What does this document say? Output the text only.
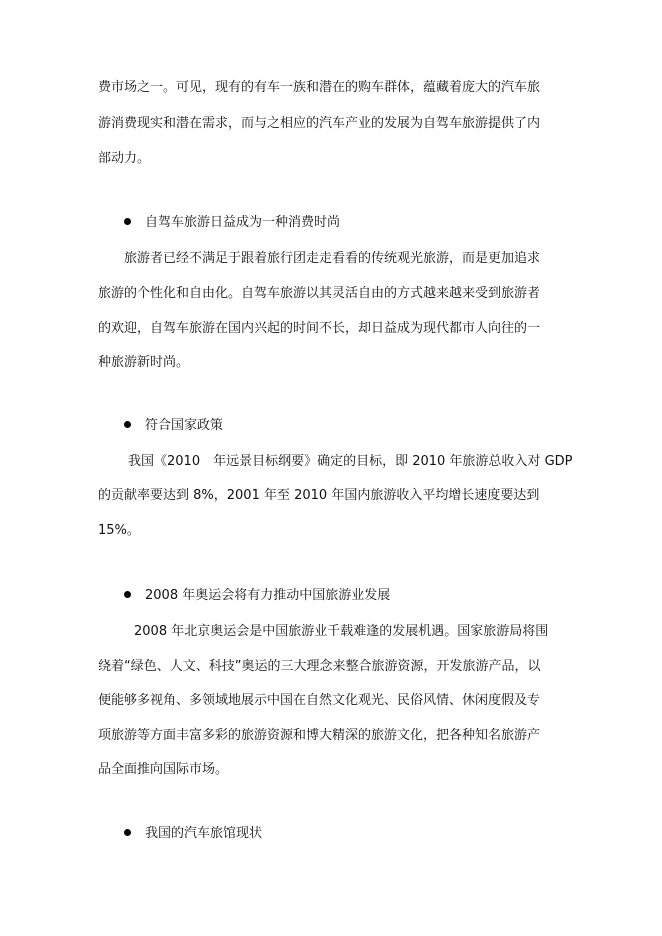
费市场之一。可见，现有的有车一族和潜在的购车群体，蕴藏着庞大的汽车旅
游消费现实和潜在需求，而与之相应的汽车产业的发展为自驾车旅游提供了内
部动力。
自驾车旅游日益成为一种消费时尚
旅游者已经不满足于跟着旅行团走走看看的传统观光旅游，而是更加追求
旅游的个性化和自由化。自驾车旅游以其灵活自由的方式越来越来受到旅游者
的欢迎，自驾车旅游在国内兴起的时间不长，却日益成为现代都市人向往的一
种旅游新时尚。
符合国家政策
我国《2010　年远景目标纲要》确定的目标，即 2010 年旅游总收入对 GDP
的贡献率要达到 8%，2001 年至 2010 年国内旅游收入平均增长速度要达到
15%。
2008 年奥运会将有力推动中国旅游业发展
2008 年北京奥运会是中国旅游业千载难逢的发展机遇。国家旅游局将围
绕着“绿色、人文、科技”奥运的三大理念来整合旅游资源，开发旅游产品，以
便能够多视角、多领域地展示中国在自然文化观光、民俗风情、休闲度假及专
项旅游等方面丰富多彩的旅游资源和博大精深的旅游文化，把各种知名旅游产
品全面推向国际市场。
我国的汽车旅馆现状
